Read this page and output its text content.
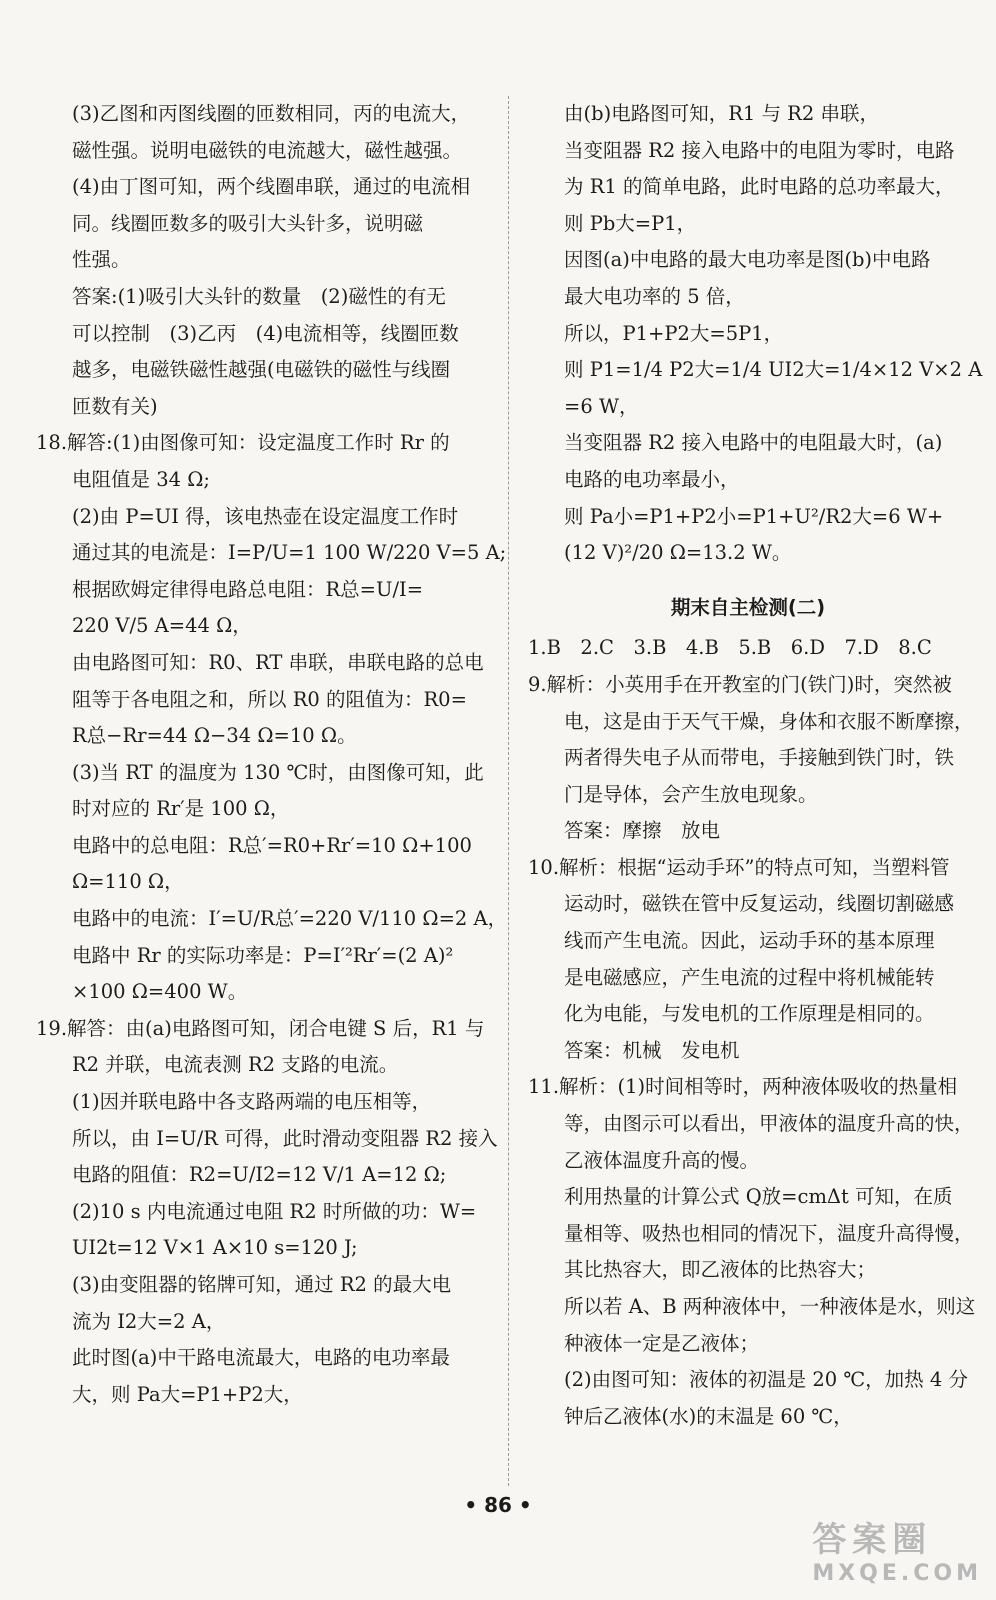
(3)乙图和丙图线圈的匝数相同，丙的电流大，
磁性强。说明电磁铁的电流越大，磁性越强。
(4)由丁图可知，两个线圈串联，通过的电流相
同。线圈匝数多的吸引大头针多，说明磁
性强。
答案:(1)吸引大头针的数量　(2)磁性的有无
可以控制　(3)乙丙　(4)电流相等，线圈匝数
越多，电磁铁磁性越强(电磁铁的磁性与线圈
匝数有关)
18.解答:(1)由图像可知：设定温度工作时 Rr 的
电阻值是 34 Ω;
(2)由 P=UI 得，该电热壶在设定温度工作时
通过其的电流是：I=P/U=1 100 W/220 V=5 A;
根据欧姆定律得电路总电阻：R总=U/I=
220 V/5 A=44 Ω，
由电路图可知：R0、RT 串联，串联电路的总电
阻等于各电阻之和，所以 R0 的阻值为：R0=
R总−Rr=44 Ω−34 Ω=10 Ω。
(3)当 RT 的温度为 130 ℃时，由图像可知，此
时对应的 Rr′是 100 Ω，
电路中的总电阻：R总′=R0+Rr′=10 Ω+100
Ω=110 Ω，
电路中的电流：I′=U/R总′=220 V/110 Ω=2 A，
电路中 Rr 的实际功率是：P=I′²Rr′=(2 A)²
×100 Ω=400 W。
19.解答：由(a)电路图可知，闭合电键 S 后，R1 与
R2 并联，电流表测 R2 支路的电流。
(1)因并联电路中各支路两端的电压相等，
所以，由 I=U/R 可得，此时滑动变阻器 R2 接入
电路的阻值：R2=U/I2=12 V/1 A=12 Ω;
(2)10 s 内电流通过电阻 R2 时所做的功：W=
UI2t=12 V×1 A×10 s=120 J;
(3)由变阻器的铭牌可知，通过 R2 的最大电
流为 I2大=2 A，
此时图(a)中干路电流最大，电路的电功率最
大，则 Pa大=P1+P2大，
由(b)电路图可知，R1 与 R2 串联，
当变阻器 R2 接入电路中的电阻为零时，电路
为 R1 的简单电路，此时电路的总功率最大，
则 Pb大=P1，
因图(a)中电路的最大电功率是图(b)中电路
最大电功率的 5 倍，
所以，P1+P2大=5P1，
则 P1=1/4 P2大=1/4 UI2大=1/4×12 V×2 A
=6 W，
当变阻器 R2 接入电路中的电阻最大时，(a)
电路的电功率最小，
则 Pa小=P1+P2小=P1+U²/R2大=6 W+
(12 V)²/20 Ω=13.2 W。
期末自主检测(二)
1.B　2.C　3.B　4.B　5.B　6.D　7.D　8.C
9.解析：小英用手在开教室的门(铁门)时，突然被
电，这是由于天气干燥，身体和衣服不断摩擦，
两者得失电子从而带电，手接触到铁门时，铁
门是导体，会产生放电现象。
答案：摩擦　放电
10.解析：根据“运动手环”的特点可知，当塑料管
运动时，磁铁在管中反复运动，线圈切割磁感
线而产生电流。因此，运动手环的基本原理
是电磁感应，产生电流的过程中将机械能转
化为电能，与发电机的工作原理是相同的。
答案：机械　发电机
11.解析：(1)时间相等时，两种液体吸收的热量相
等，由图示可以看出，甲液体的温度升高的快，
乙液体温度升高的慢。
利用热量的计算公式 Q放=cmΔt 可知，在质
量相等、吸热也相同的情况下，温度升高得慢，
其比热容大，即乙液体的比热容大；
所以若 A、B 两种液体中，一种液体是水，则这
种液体一定是乙液体；
(2)由图可知：液体的初温是 20 ℃，加热 4 分
钟后乙液体(水)的末温是 60 ℃，
• 86 •
答案圈
MXQE.COM
